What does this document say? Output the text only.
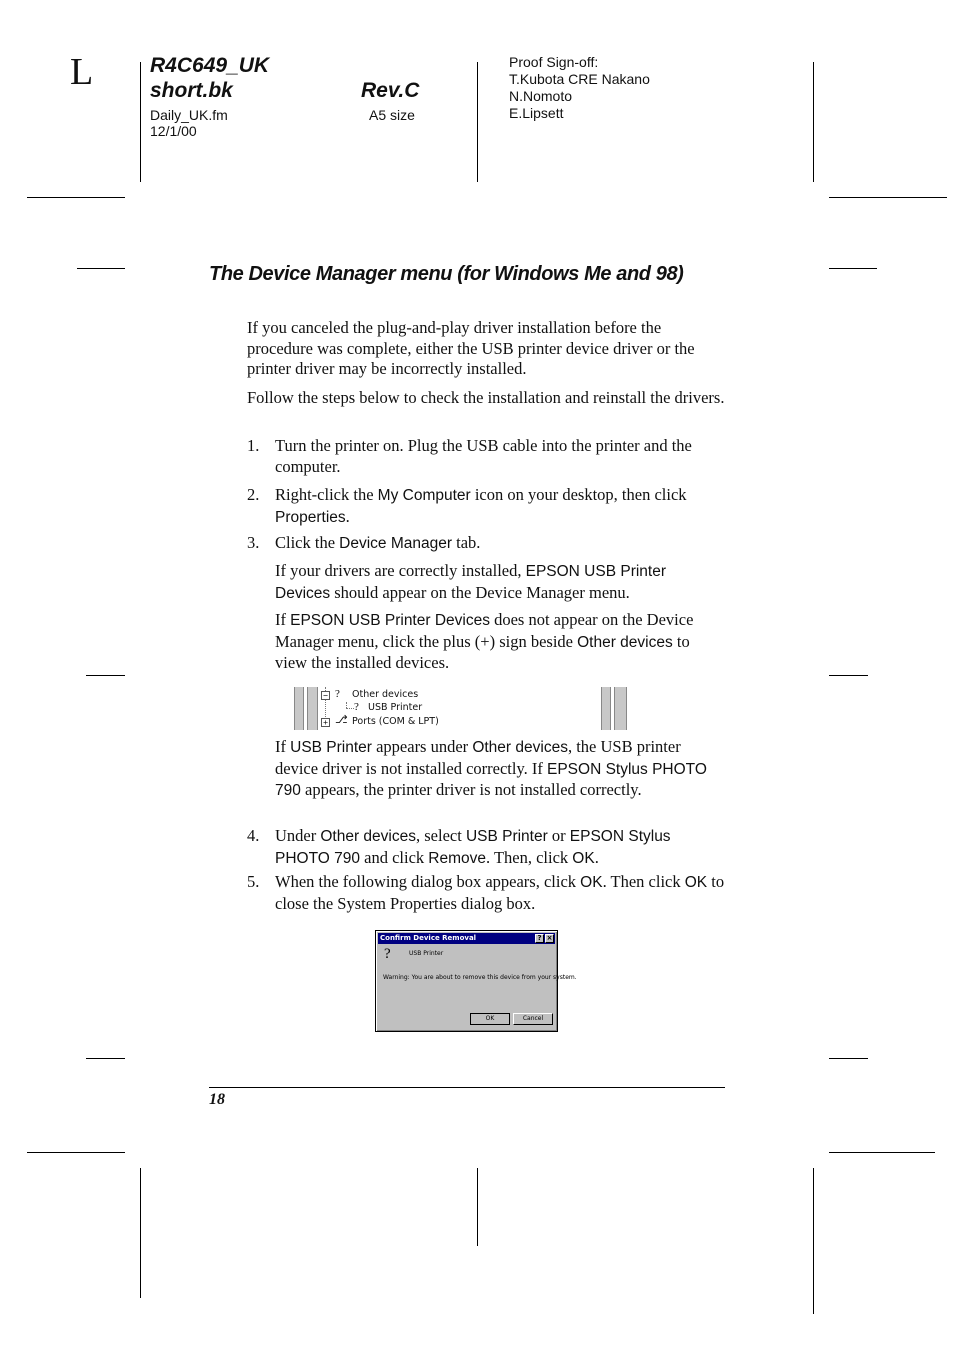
L	R4C649_UK
short.bk	Rev.C
Daily_UK.fm
12/1/00
A5 size
Proof Sign-off:
T.Kubota CRE Nakano
N.Nomoto
E.Lipsett
The Device Manager menu (for Windows Me and 98)

If you canceled the plug-and-play driver installation before the procedure was complete, either the USB printer device driver or the printer driver may be incorrectly installed.

Follow the steps below to check the installation and reinstall the drivers.

1. Turn the printer on. Plug the USB cable into the printer and the computer.
2. Right-click the My Computer icon on your desktop, then click Properties.
3. Click the Device Manager tab.

If your drivers are correctly installed, EPSON USB Printer Devices should appear on the Device Manager menu.

If EPSON USB Printer Devices does not appear on the Device Manager menu, click the plus (+) sign beside Other devices to view the installed devices.

− ? Other devices
? USB Printer
+ ⎇ Ports (COM & LPT)

If USB Printer appears under Other devices, the USB printer device driver is not installed correctly. If EPSON Stylus PHOTO 790 appears, the printer driver is not installed correctly.

4. Under Other devices, select USB Printer or EPSON Stylus PHOTO 790 and click Remove. Then, click OK.
5. When the following dialog box appears, click OK. Then click OK to close the System Properties dialog box.
Confirm Device Removal	? ×
?	USB Printer
Warning: You are about to remove this device from your system.
OK	Cancel
18
